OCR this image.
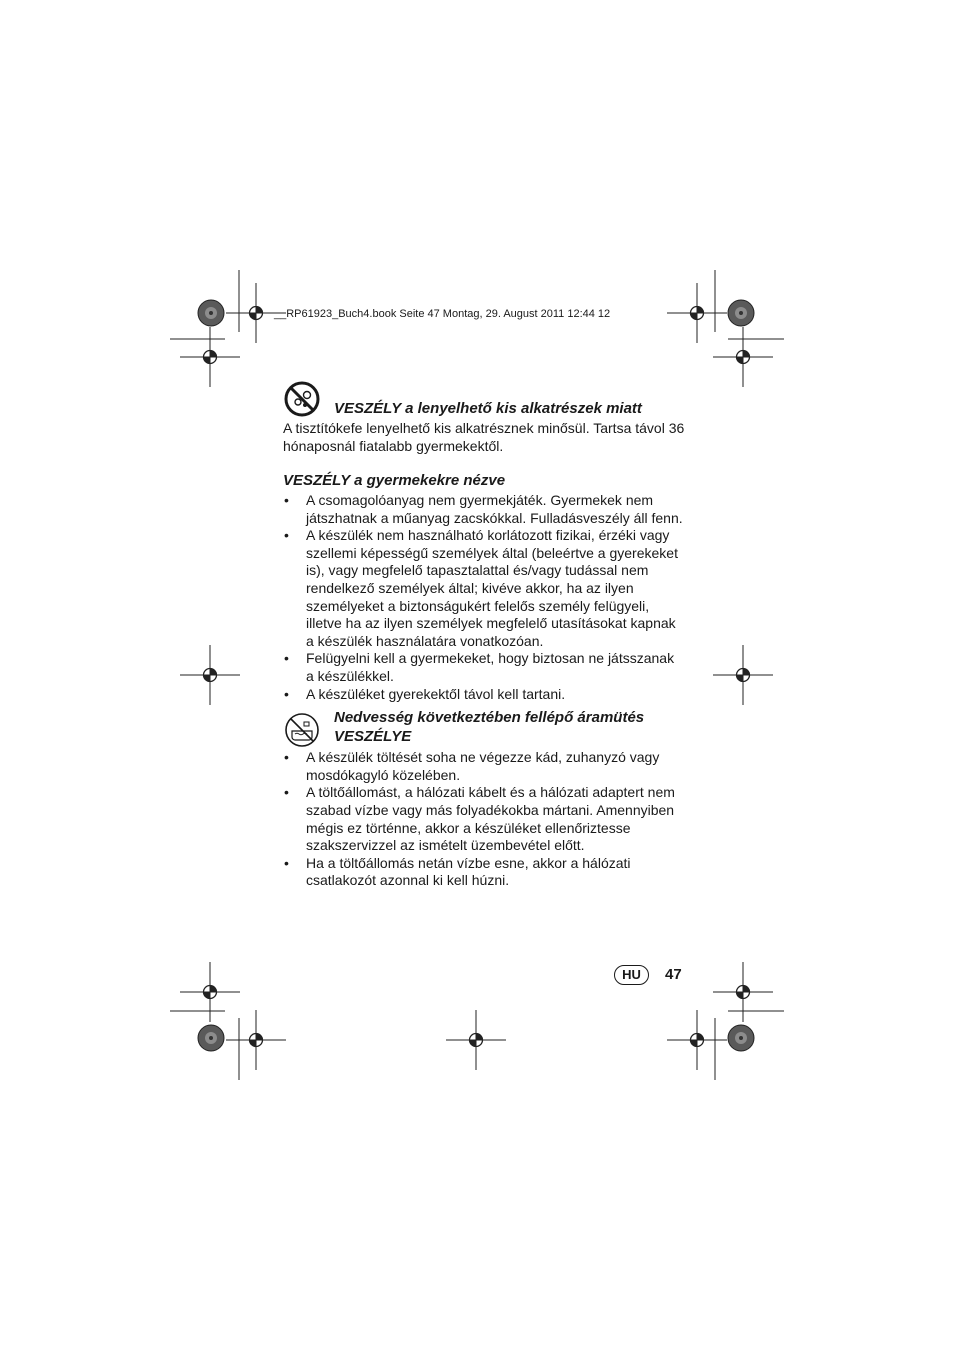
__RP61923_Buch4.book Seite 47 Montag, 29. August 2011 12:44 12
VESZÉLY a lenyelhető kis alkatrészek miatt

A tisztítókefe lenyelhető kis alkatrésznek minősül. Tartsa távol 36 hónaposnál fiatalabb gyermekektől.

VESZÉLY a gyermekekre nézve
• A csomagolóanyag nem gyermekjáték. Gyermekek nem játszhatnak a műanyag zacskókkal. Fulladásveszély áll fenn.
• A készülék nem használható korlátozott fizikai, érzéki vagy szellemi képességű személyek által (beleértve a gyerekeket is), vagy megfelelő tapasztalattal és/vagy tudással nem rendelkező személyek által; kivéve akkor, ha az ilyen személyeket a biztonságukért felelős személy felügyeli, illetve ha az ilyen személyek megfelelő utasításokat kapnak a készülék használatára vonatkozóan.
• Felügyelni kell a gyermekeket, hogy biztosan ne játsszanak a készülékkel.
• A készüléket gyerekektől távol kell tartani.
Nedvesség következtében fellépő áramütés
VESZÉLYE
• A készülék töltését soha ne végezze kád, zuhanyzó vagy mosdókagyló közelében.
• A töltőállomást, a hálózati kábelt és a hálózati adaptert nem szabad vízbe vagy más folyadékokba mártani. Amennyiben mégis ez történne, akkor a készüléket ellenőriztesse szakszervizzel az ismételt üzembevétel előtt.
• Ha a töltőállomás netán vízbe esne, akkor a hálózati csatlakozót azonnal ki kell húzni.
HU	47
